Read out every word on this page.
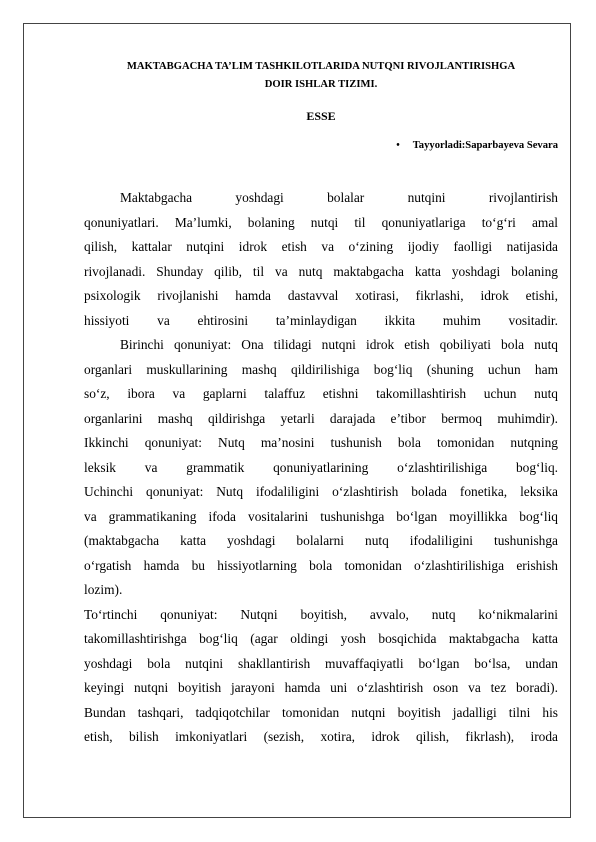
MAKTABGACHA TA’LIM TASHKILOTLARIDA NUTQNI RIVOJLANTIRISHGA
DOIR ISHLAR TIZIMI.
ESSE
• Tayyorladi:Saparbayeva Sevara
Maktabgacha yoshdagi bolalar nutqini rivojlantirish
qonuniyatlari. Ma’lumki, bolaning nutqi til qonuniyatlariga to‘g‘ri amal
qilish, kattalar nutqini idrok etish va o‘zining ijodiy faolligi natijasida
rivojlanadi. Shunday qilib, til va nutq maktabgacha katta yoshdagi bolaning
psixologik rivojlanishi hamda dastavval xotirasi, fikrlashi, idrok etishi,
hissiyoti va ehtirosini ta’minlaydigan ikkita muhim vositadir.
Birinchi qonuniyat: Ona tilidagi nutqni idrok etish qobiliyati bola nutq
organlari muskullarining mashq qildirilishiga bog‘liq (shuning uchun ham
so‘z, ibora va gaplarni talaffuz etishni takomillashtirish uchun nutq
organlarini mashq qildirishga yetarli darajada e’tibor bermoq muhimdir).
Ikkinchi qonuniyat: Nutq ma’nosini tushunish bola tomonidan nutqning
leksik va grammatik qonuniyatlarining o‘zlashtirilishiga bog‘liq.
Uchinchi qonuniyat: Nutq ifodaliligini o‘zlashtirish bolada fonetika, leksika
va grammatikaning ifoda vositalarini tushunishga bo‘lgan moyillikka bog‘liq
(maktabgacha katta yoshdagi bolalarni nutq ifodaliligini tushunishga
o‘rgatish hamda bu hissiyotlarning bola tomonidan o‘zlashtirilishiga erishish
lozim).
To‘rtinchi qonuniyat: Nutqni boyitish, avvalo, nutq ko‘nikmalarini
takomillashtirishga bog‘liq (agar oldingi yosh bosqichida maktabgacha katta
yoshdagi bola nutqini shakllantirish muvaffaqiyatli bo‘lgan bo‘lsa, undan
keyingi nutqni boyitish jarayoni hamda uni o‘zlashtirish oson va tez boradi).
Bundan tashqari, tadqiqotchilar tomonidan nutqni boyitish jadalligi tilni his
etish, bilish imkoniyatlari (sezish, xotira, idrok qilish, fikrlash), iroda
